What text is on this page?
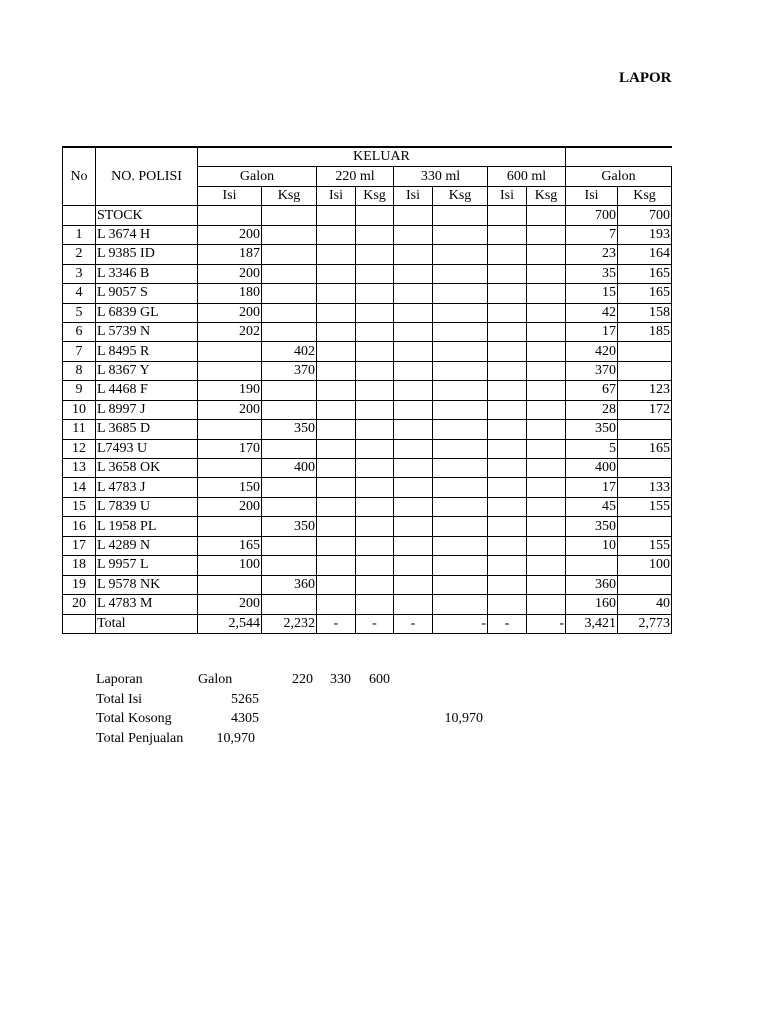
LAPOR
No	NO. POLISI	KELUAR									
		Galon		220 ml		330 ml		600 ml		Galon	
		Isi	Ksg	Isi	Ksg	Isi	Ksg	Isi	Ksg	Isi	Ksg
	STOCK									700	700
1	L 3674 H	200								7	193
2	L 9385 ID	187								23	164
3	L 3346 B	200								35	165
4	L 9057 S	180								15	165
5	L 6839 GL	200								42	158
6	L 5739 N	202								17	185
7	L 8495 R		402							420	
8	L 8367 Y		370							370	
9	L 4468 F	190								67	123
10	L 8997 J	200								28	172
11	L 3685 D		350							350	
12	L7493 U	170								5	165
13	L 3658 OK		400							400	
14	L 4783 J	150								17	133
15	L 7839 U	200								45	155
16	L 1958 PL		350							350	
17	L 4289 N	165								10	155
18	L 9957 L	100									100
19	L 9578 NK		360							360	
20	L 4783 M	200								160	40
	Total	2,544	2,232	-	-	-	-	-	-	3,421	2,773
Laporan	Galon	220 330 600
Total Isi	5265
Total Kosong	4305	10,970
Total Penjualan	10,970
